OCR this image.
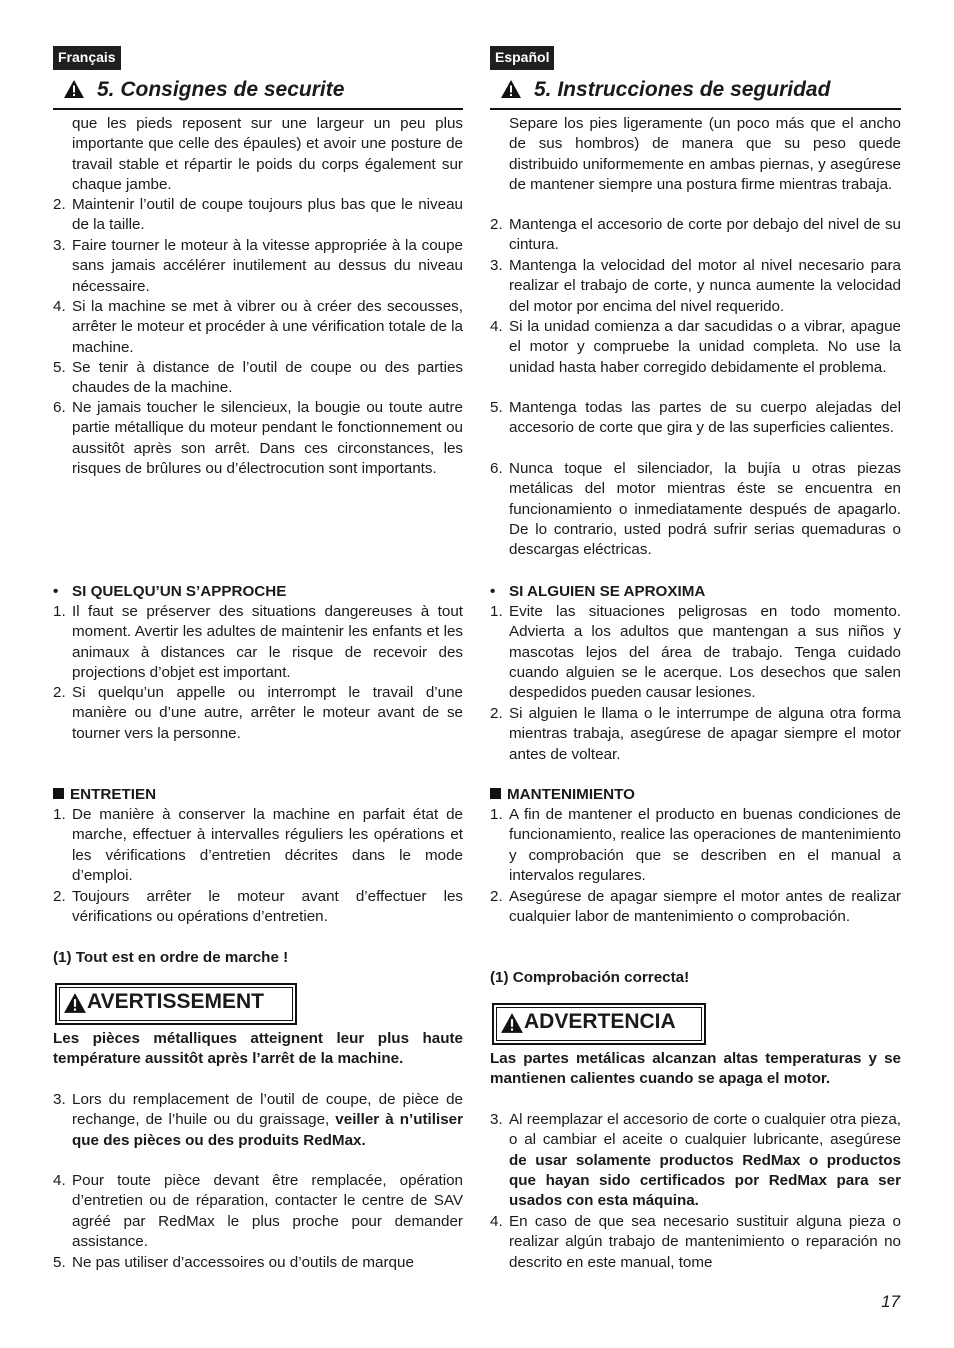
Français
5. Consignes de securite
que les pieds reposent sur une largeur un peu plus importante que celle des épaules) et avoir une posture de travail stable et répartir le poids du corps également sur chaque jambe.
2. Maintenir l’outil de coupe toujours plus bas que le niveau de la taille.
3. Faire tourner le moteur à la vitesse appropriée à la coupe sans jamais accélérer inutilement au dessus du niveau nécessaire.
4. Si la machine se met à vibrer ou à créer des secousses, arrêter le moteur et procéder à une vérification totale de la machine.
5. Se tenir à distance de l’outil de coupe ou des parties chaudes de la machine.
6. Ne jamais toucher le silencieux, la bougie ou toute autre partie métallique du moteur pendant le fonctionnement ou aussitôt après son arrêt. Dans ces circonstances, les risques de brûlures ou d’électrocution sont importants.
• SI QUELQU’UN S’APPROCHE
1. Il faut se préserver des situations dangereuses à tout moment. Avertir les adultes de maintenir les enfants et les animaux à distances car le risque de recevoir des projections d’objet est important.
2. Si quelqu’un appelle ou interrompt le travail d’une manière ou d’une autre, arrêter le moteur avant de se tourner vers la personne.
ENTRETIEN
1. De manière à conserver la machine en parfait état de marche, effectuer à intervalles réguliers les opérations et les vérifications d’entretien décrites dans le mode d’emploi.
2. Toujours arrêter le moteur avant d’effectuer les vérifications ou opérations d’entretien.
(1) Tout est en ordre de marche !
AVERTISSEMENT
Les pièces métalliques atteignent leur plus haute température aussitôt après l’arrêt de la machine.
3. Lors du remplacement de l’outil de coupe, de pièce de rechange, de l’huile ou du graissage, veiller à n’utiliser que des pièces ou des produits RedMax.
4. Pour toute pièce devant être remplacée, opération d’entretien ou de réparation, contacter le centre de SAV agréé par RedMax le plus proche pour demander assistance.
5. Ne pas utiliser d’accessoires ou d’outils de marque
Español
5. Instrucciones de seguridad
Separe los pies ligeramente (un poco más que el ancho de sus hombros) de manera que su peso quede distribuido uniformemente en ambas piernas, y asegúrese de mantener siempre una postura firme mientras trabaja.
2. Mantenga el accesorio de corte por debajo del nivel de su cintura.
3. Mantenga la velocidad del motor al nivel necesario para realizar el trabajo de corte, y nunca aumente la velocidad del motor por encima del nivel requerido.
4. Si la unidad comienza a dar sacudidas o a vibrar, apague el motor y compruebe la unidad completa. No use la unidad hasta haber corregido debidamente el problema.
5. Mantenga todas las partes de su cuerpo alejadas del accesorio de corte que gira y de las superficies calientes.
6. Nunca toque el silenciador, la bujía u otras piezas metálicas del motor mientras éste se encuentra en funcionamiento o inmediatamente después de apagarlo. De lo contrario, usted podrá sufrir serias quemaduras o descargas eléctricas.
• SI ALGUIEN SE APROXIMA
1. Evite las situaciones peligrosas en todo momento. Advierta a los adultos que mantengan a sus niños y mascotas lejos del área de trabajo. Tenga cuidado cuando alguien se le acerque. Los desechos que salen despedidos pueden causar lesiones.
2. Si alguien le llama o le interrumpe de alguna otra forma mientras trabaja, asegúrese de apagar siempre el motor antes de voltear.
MANTENIMIENTO
1. A fin de mantener el producto en buenas condiciones de funcionamiento, realice las operaciones de mantenimiento y comprobación que se describen en el manual a intervalos regulares.
2. Asegúrese de apagar siempre el motor antes de realizar cualquier labor de mantenimiento o comprobación.
(1) Comprobación correcta!
ADVERTENCIA
Las partes metálicas alcanzan altas temperaturas y se mantienen calientes cuando se apaga el motor.
3. Al reemplazar el accesorio de corte o cualquier otra pieza, o al cambiar el aceite o cualquier lubricante, asegúrese de usar solamente productos RedMax o productos que hayan sido certificados por RedMax para ser usados con esta máquina.
4. En caso de que sea necesario sustituir alguna pieza o realizar algún trabajo de mantenimiento o reparación no descrito en este manual, tome
17
